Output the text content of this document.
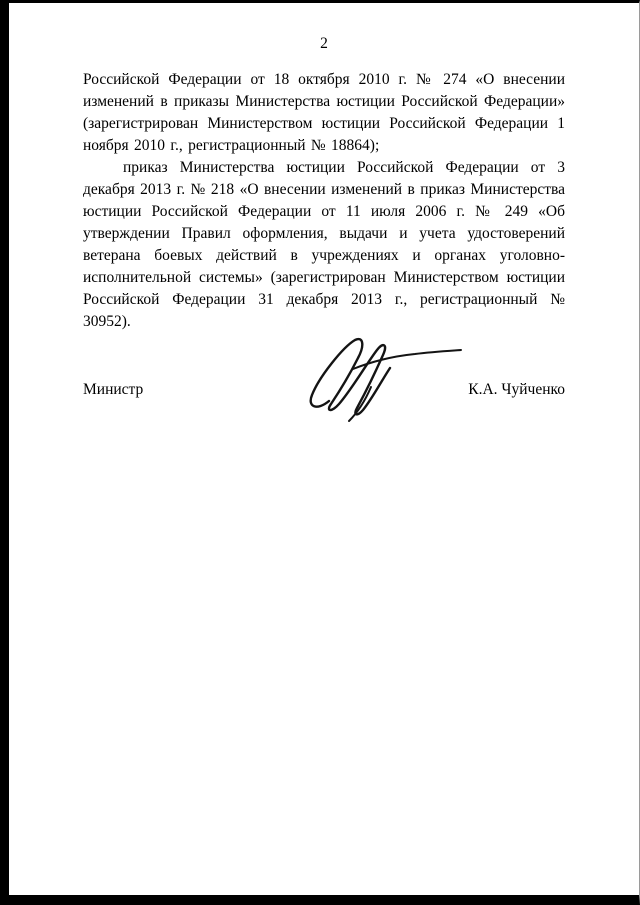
2

Российской Федерации от 18 октября 2010 г. № 274 «О внесении изменений в приказы Министерства юстиции Российской Федерации» (зарегистрирован Министерством юстиции Российской Федерации 1 ноября 2010 г., регистрационный № 18864);

приказ Министерства юстиции Российской Федерации от 3 декабря 2013 г. № 218 «О внесении изменений в приказ Министерства юстиции Российской Федерации от 11 июля 2006 г. № 249 «Об утверждении Правил оформления, выдачи и учета удостоверений ветерана боевых действий в учреждениях и органах уголовно-исполнительной системы» (зарегистрирован Министерством юстиции Российской Федерации 31 декабря 2013 г., регистрационный № 30952).

Министр	К.А. Чуйченко
